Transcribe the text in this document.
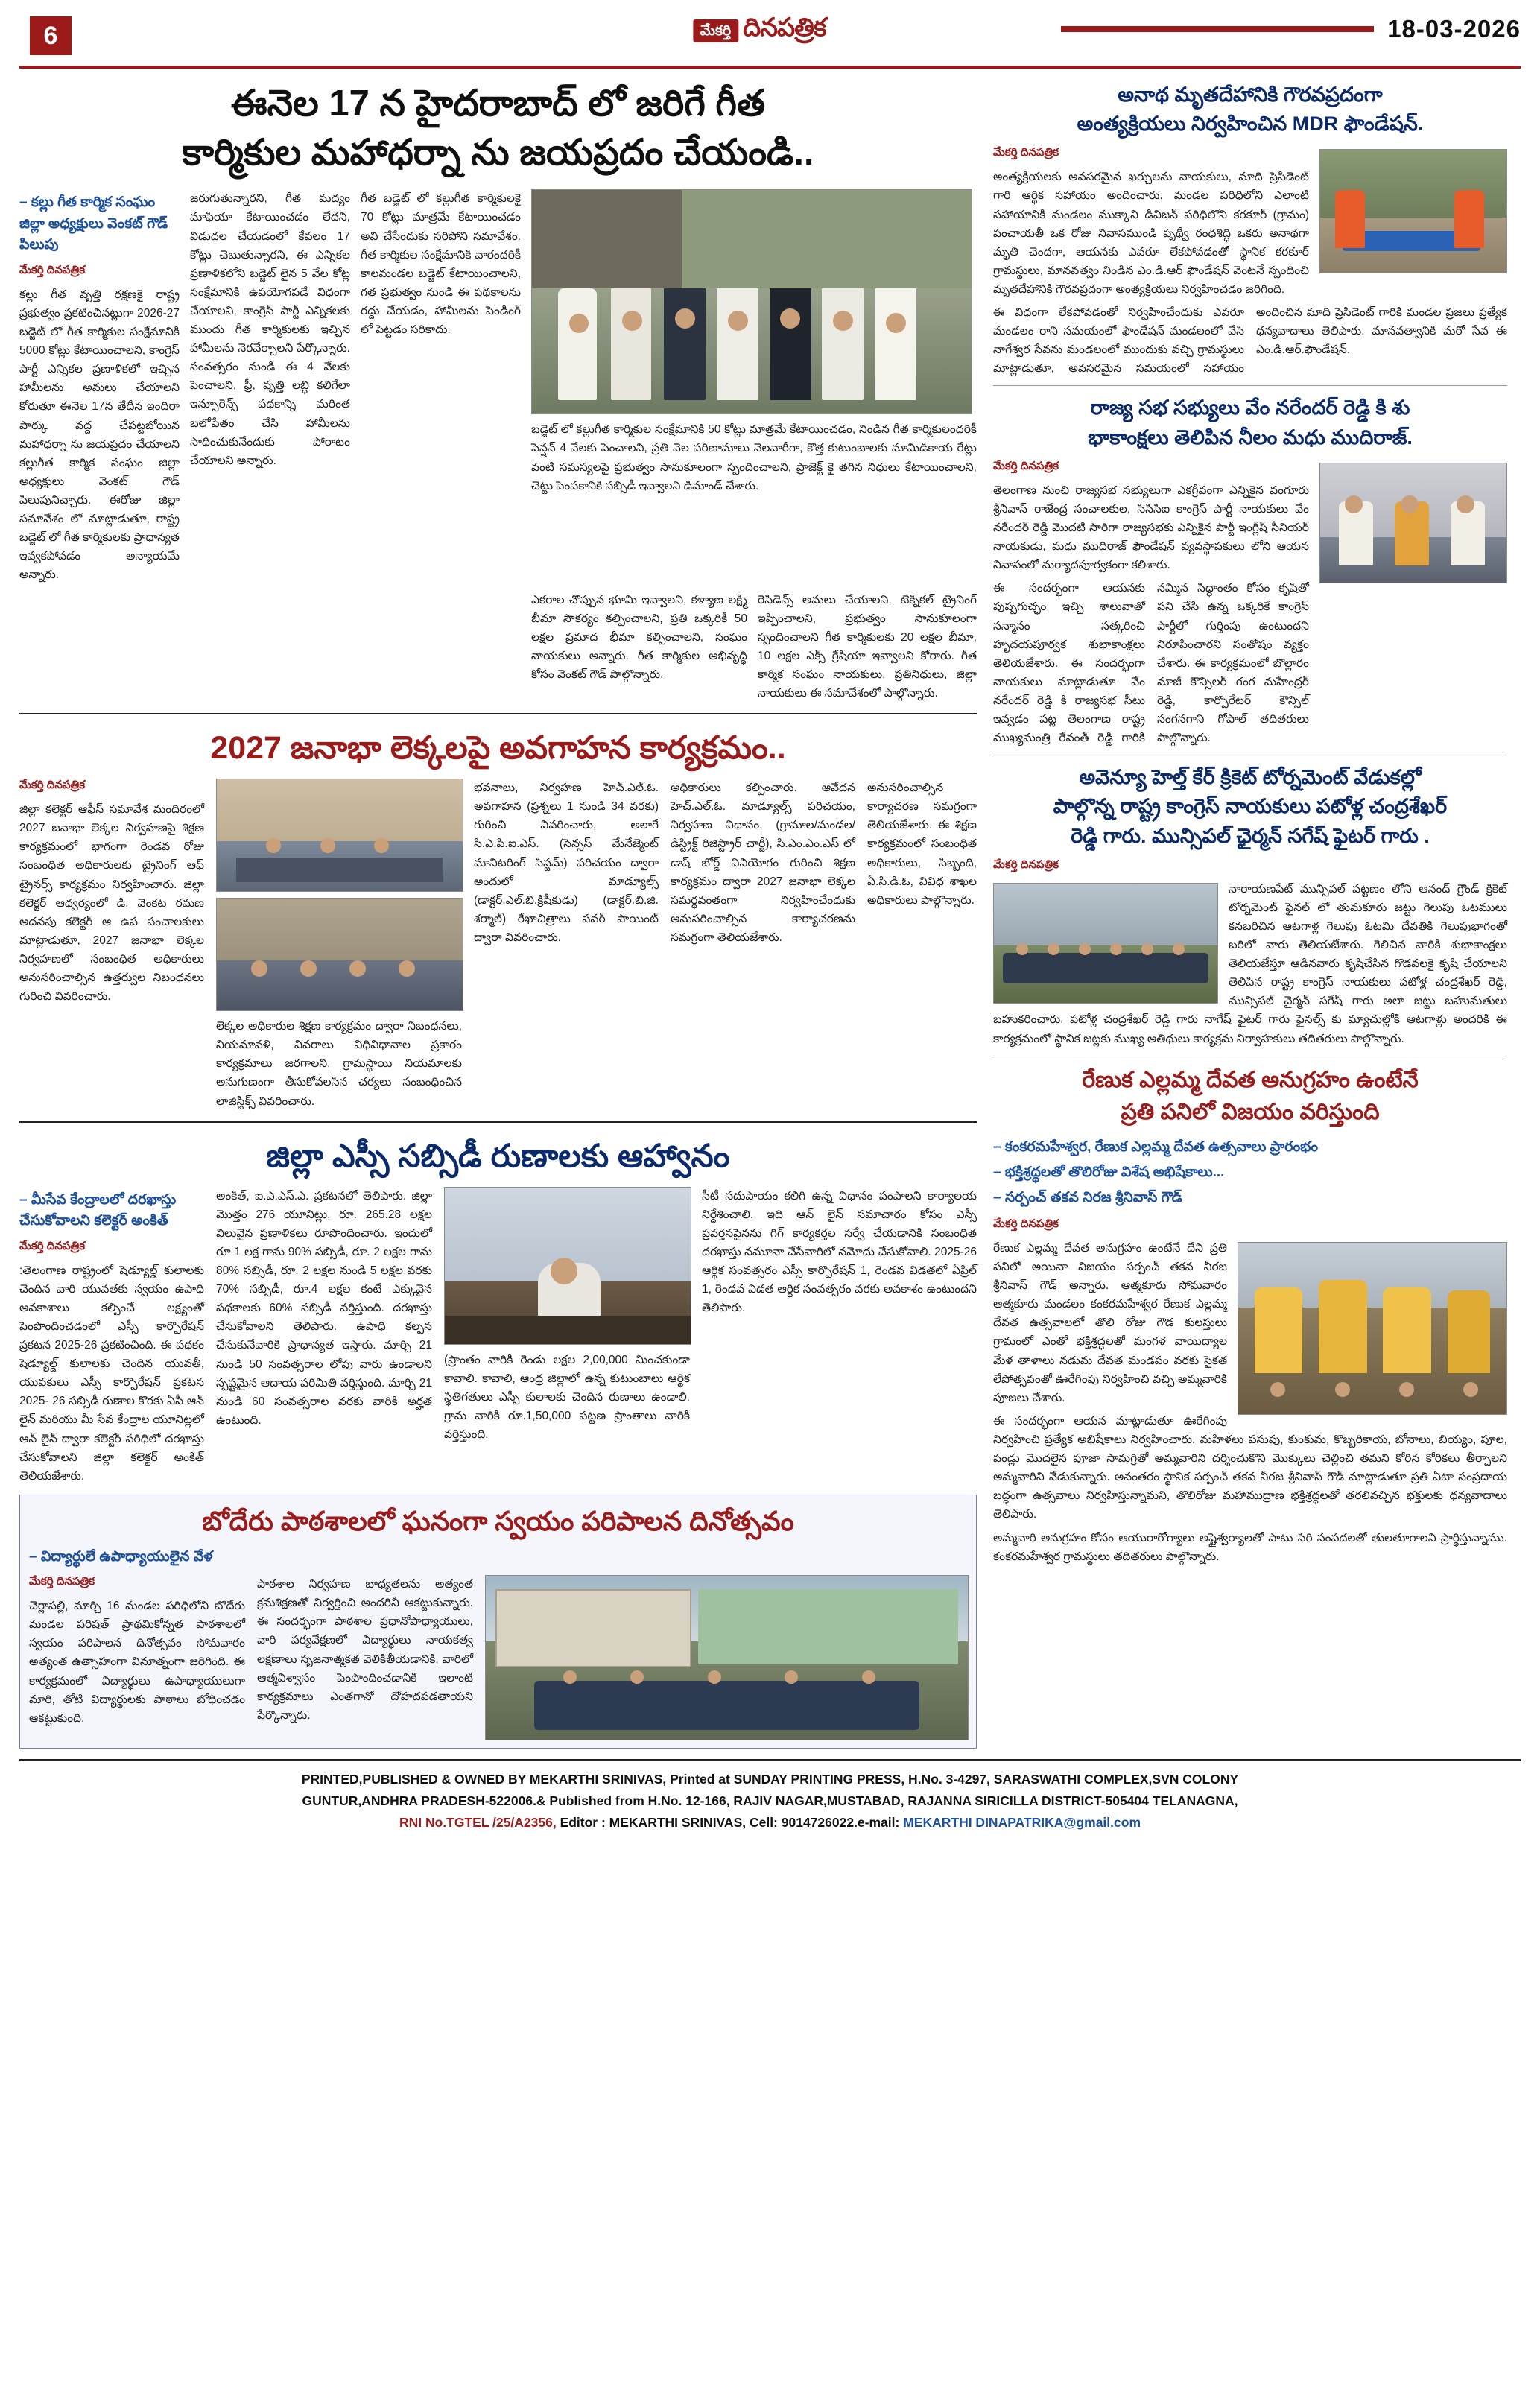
6	మేకర్తి దినపత్రిక	18-03-2026
ఈనెల 17 న హైదరాబాద్ లో జరిగే గీత
కార్మికుల మహాధర్నా ను జయప్రదం చేయండి..
– కల్లు గీత కార్మిక సంఘం జిల్లా అధ్యక్షులు వెంకట్ గౌడ్ పిలుపు
మేకర్తి దినపత్రిక
కల్లు గీత వృత్తి రక్షణకై రాష్ట్ర ప్రభుత్వం ప్రకటించినట్లుగా 2026-27 బడ్జెట్ లో గీత కార్మికుల సంక్షేమానికి 5000 కోట్లు కేటాయించాలని, కాంగ్రెస్ పార్టీ ఎన్నికల ప్రణాళికలో ఇచ్చిన హామీలను అమలు చేయాలని కోరుతూ ఈనెల 17న తేదీన ఇందిరా పార్కు వద్ద చేపట్టబోయిన మహాధర్నా ను జయప్రదం చేయాలని కల్లుగీత కార్మిక సంఘం జిల్లా అధ్యక్షులు వెంకట్ గౌడ్ పిలుపునిచ్చారు. ఈరోజు జిల్లా సమావేశం లో మాట్లాడుతూ, రాష్ట్ర బడ్జెట్ లో గీత కార్మికులకు ప్రాధాన్యత ఇవ్వకపోవడం అన్యాయమే అన్నారు.
జరుగుతున్నారని, గీత మద్యం మాఫియా కేటాయించడం లేదని, విడుదల చేయడంలో కేవలం 17 కోట్లు చెబుతున్నారని, ఈ ఎన్నికల ప్రణాళికలోని బడ్జెట్ లైన 5 వేల కోట్ల సంక్షేమానికి ఉపయోగపడే విధంగా చేయాలని, కాంగ్రెస్ పార్టీ ఎన్నికలకు ముందు గీత కార్మికులకు ఇచ్చిన హామీలను నెరవేర్చాలని పేర్కొన్నారు. సంవత్సరం నుండి ఈ 4 వేలకు పెంచాలని, ఫ్రీ, వృత్తి లబ్ధి కలిగేలా ఇన్సూరెన్స్ పథకాన్ని మరింత బలోపేతం చేసి హామీలను సాధించుకునేందుకు పోరాటం చేయాలని అన్నారు.
గీత బడ్జెట్ లో కల్లుగీత కార్మికులకై 70 కోట్లు మాత్రమే కేటాయించడం అవి చేసేందుకు సరిపోని సమావేశం. గీత కార్మికుల సంక్షేమానికి వారందరికీ కాలమండల బడ్జెట్ కేటాయించాలని, గత ప్రభుత్వం నుండి ఈ పథకాలను రద్దు చేయడం, హామీలను పెండింగ్ లో పెట్టడం సరికాదు.
బడ్జెట్ లో కల్లుగీత కార్మికుల సంక్షేమానికి 50 కోట్లు మాత్రమే కేటాయించడం, నిండిన గీత కార్మికులందరికీ పెన్షన్ 4 వేలకు పెంచాలని, ప్రతి నెల పరిణామాలు నెలవారీగా, కొత్త కుటుంబాలకు మామిడికాయ రేట్లు వంటి సమస్యలపై ప్రభుత్వం సానుకూలంగా స్పందించాలని, ప్రాజెక్ట్ కై తగిన నిధులు కేటాయించాలని, చెట్టు పెంపకానికి సబ్సిడీ ఇవ్వాలని డిమాండ్ చేశారు.
ఎకరాల చొప్పున భూమి ఇవ్వాలని, కళ్యాణ లక్ష్మి బీమా సౌకర్యం కల్పించాలని, ప్రతి ఒక్కరికీ 50 లక్షల ప్రమాద భీమా కల్పించాలని, సంఘం నాయకులు అన్నారు. గీత కార్మికుల అభివృద్ధి కోసం వెంకట్ గౌడ్ పాల్గొన్నారు.
రెసిడెన్స్ అమలు చేయాలని, టెక్నికల్ ట్రైనింగ్ ఇప్పించాలని, ప్రభుత్వం సానుకూలంగా స్పందించాలని గీత కార్మికులకు 20 లక్షల బీమా, 10 లక్షల ఎక్స్ గ్రేషియా ఇవ్వాలని కోరారు. గీత కార్మిక సంఘం నాయకులు, ప్రతినిధులు, జిల్లా నాయకులు ఈ సమావేశంలో పాల్గొన్నారు.
2027 జనాభా లెక్కలపై అవగాహన కార్యక్రమం..
మేకర్తి దినపత్రిక
జిల్లా కలెక్టర్ ఆఫీస్ సమావేశ మందిరంలో 2027 జనాభా లెక్కల నిర్వహణపై శిక్షణ కార్యక్రమంలో భాగంగా రెండవ రోజు సంబంధిత అధికారులకు ట్రైనింగ్ ఆఫ్ ట్రైనర్స్ కార్యక్రమం నిర్వహించారు. జిల్లా కలెక్టర్ ఆధ్వర్యంలో డి. వెంకట రమణ అదనపు కలెక్టర్ ఆ ఉప సంచాలకులు మాట్లాడుతూ, 2027 జనాభా లెక్కల నిర్వహణలో సంబంధిత అధికారులు అనుసరించాల్సిన ఉత్తర్వుల నిబంధనలు గురించి వివరించారు.
లెక్కల అధికారుల శిక్షణ కార్యక్రమం ద్వారా నిబంధనలు, నియమావళి, వివరాలు విధివిధానాల ప్రకారం కార్యక్రమాలు జరగాలని, గ్రామస్థాయి నియమాలకు అనుగుణంగా తీసుకోవలసిన చర్యలు సంబంధించిన లాజిస్టిక్స్ వివరించారు.
భవనాలు, నిర్వహణ హెచ్.ఎల్.ఓ. అవగాహన (ప్రశ్నలు 1 నుండి 34 వరకు) గురించి వివరించారు, అలాగే సి.ఎ.పి.ఐ.ఎస్. (సెన్సస్ మేనేజ్మెంట్ మానిటరింగ్ సిస్టమ్) పరిచయం ద్వారా అందులో మాడ్యూల్స్ (డాక్టర్.ఎల్.బి.క్రిషీకుడు) (డాక్టర్.బి.జి. శర్మాల్) రేఖాచిత్రాలు పవర్ పాయింట్ ద్వారా వివరించారు.
అధికారులు కల్పించారు. ఆవేదన హెచ్.ఎల్.ఓ. మాడ్యూల్స్ పరిచయం, నిర్వహణ విధానం, (గ్రామాల/మండల/డిస్ట్రిక్ట్ రిజిస్ట్రార్ చార్జీ), సి.ఎం.ఎం.ఎస్ లో డాష్ బోర్డ్ వినియోగం గురించి శిక్షణ కార్యక్రమం ద్వారా 2027 జనాభా లెక్కల సమర్థవంతంగా నిర్వహించేందుకు అనుసరించాల్సిన కార్యాచరణను సమగ్రంగా తెలియజేశారు.
అనుసరించాల్సిన కార్యాచరణ సమగ్రంగా తెలియజేశారు. ఈ శిక్షణ కార్యక్రమంలో సంబంధిత అధికారులు, సిబ్బంది, ఏ.సి.డి.ఓ, వివిధ శాఖల అధికారులు పాల్గొన్నారు.
జిల్లా ఎస్సీ సబ్సిడీ రుణాలకు ఆహ్వానం
– మీసేవ కేంద్రాలలో దరఖాస్తు చేసుకోవాలని కలెక్టర్ అంకిత్
మేకర్తి దినపత్రిక
:తెలంగాణ రాష్ట్రంలో షెడ్యూల్డ్ కులాలకు చెందిన వారి యువతకు స్వయం ఉపాధి అవకాశాలు కల్పించే లక్ష్యంతో పెంపొందించడంలో ఎస్సీ కార్పొరేషన్ ప్రకటన 2025-26 ప్రకటించింది. ఈ పథకం షెడ్యూల్డ్ కులాలకు చెందిన యువతీ, యువకులు ఎస్సీ కార్పొరేషన్ ప్రకటన 2025- 26 సబ్సిడీ రుణాల కొరకు ఏపీ ఆన్ లైన్ మరియు మీ సేవ కేంద్రాల యూనిట్లలో ఆన్ లైన్ ద్వారా కలెక్టర్ పరిధిలో దరఖాస్తు చేసుకోవాలని జిల్లా కలెక్టర్ అంకిత్ తెలియజేశారు.
అంకిత్, ఐ.ఎ.ఎస్.ఎ. ప్రకటనలో తెలిపారు. జిల్లా మొత్తం 276 యూనిట్లు, రూ. 265.28 లక్షల విలువైన ప్రణాళికలు రూపొందించారు. ఇందులో రూ 1 లక్ష గాను 90% సబ్సిడీ, రూ. 2 లక్షల గాను 80% సబ్సిడీ, రూ. 2 లక్షల నుండి 5 లక్షల వరకు 70% సబ్సిడీ, రూ.4 లక్షల కంటే ఎక్కువైన పథకాలకు 60% సబ్సిడీ వర్తిస్తుంది. దరఖాస్తు చేసుకోవాలని తెలిపారు. ఉపాధి కల్పన చేసుకునేవారికి ప్రాధాన్యత ఇస్తారు. మార్చి 21 నుండి 50 సంవత్సరాల లోపు వారు ఉండాలని స్పష్టమైన ఆదాయ పరిమితి వర్తిస్తుంది. మార్చి 21 నుండి 60 సంవత్సరాల వరకు వారికి అర్హత ఉంటుంది.
(ప్రాంతం వారికి రెండు లక్షల 2,00,000 మించకుండా కావాలి. కావాలి, ఆంధ్ర జిల్లాలో ఉన్న కుటుంబాలు ఆర్థిక స్థితిగతులు ఎస్సీ కులాలకు చెందిన రుణాలు ఉండాలి. గ్రామ వారికి రూ.1,50,000 పట్టణ ప్రాంతాలు వారికి వర్తిస్తుంది.
సీటీ సదుపాయం కలిగి ఉన్న విధానం పంపాలని కార్యాలయ నిర్దేశించాలి. ఇది ఆన్ లైన్ సమాచారం కోసం ఎస్సీ ప్రవర్తనపైనను గిగ్ కార్యకర్తల సర్వే చేయడానికి సంబంధిత దరఖాస్తు నమూనా చేసేవారిలో నమోదు చేసుకోవాలి. 2025-26 ఆర్థిక సంవత్సరం ఎస్సీ కార్పొరేషన్ 1, రెండవ విడతలో ఏప్రిల్ 1, రెండవ విడత ఆర్థిక సంవత్సరం వరకు అవకాశం ఉంటుందని తెలిపారు.
బోదేరు పాఠశాలలో ఘనంగా స్వయం పరిపాలన దినోత్సవం
– విద్యార్థులే ఉపాధ్యాయులైన వేళ
మేకర్తి దినపత్రిక
చెర్లాపల్లి, మార్చి 16 మండల పరిధిలోని బోదేరు మండల పరిషత్ ప్రాథమికోన్నత పాఠశాలలో స్వయం పరిపాలన దినోత్సవం సోమవారం అత్యంత ఉత్సాహంగా వినూత్నంగా జరిగింది. ఈ కార్యక్రమంలో విద్యార్థులు ఉపాధ్యాయులుగా మారి, తోటి విద్యార్థులకు పాఠాలు బోధించడం ఆకట్టుకుంది.
పాఠశాల నిర్వహణ బాధ్యతలను అత్యంత క్రమశిక్షణతో నిర్వర్తించి అందరినీ ఆకట్టుకున్నారు. ఈ సందర్భంగా పాఠశాల ప్రధానోపాధ్యాయులు, వారి పర్యవేక్షణలో విద్యార్థులు నాయకత్వ లక్షణాలు సృజనాత్మకత వెలికితీయడానికి, వారిలో ఆత్మవిశ్వాసం పెంపొందించడానికి ఇలాంటి కార్యక్రమాలు ఎంతగానో దోహదపడతాయని పేర్కొన్నారు.
అనాథ మృతదేహానికి గౌరవప్రదంగా
అంత్యక్రియలు నిర్వహించిన MDR ఫౌండేషన్.
మేకర్తి దినపత్రిక
అంత్యక్రియలకు అవసరమైన ఖర్చులను నాయకులు, మాది ప్రెసిడెంట్ గారి ఆర్థిక సహాయం అందించారు. మండల పరిధిలోని ఎలాంటి సహాయానికి మండలం ముక్కాని డివిజన్ పరిధిలోని కరకూర్ (గ్రామం) పంచాయతీ ఒక రోజు నివాసముండి పృథ్వీ రంధశిద్ధి ఒకరు అనాథగా మృతి చెందగా, ఆయనకు ఎవరూ లేకపోవడంతో స్థానిక కరకూర్ గ్రామస్థులు, మానవత్వం నిండిన ఎం.డి.ఆర్ ఫౌండేషన్ వెంటనే స్పందించి మృతదేహానికి గౌరవప్రదంగా అంత్యక్రియలు నిర్వహించడం జరిగింది.
ఈ విధంగా లేకపోవడంతో నిర్వహించేందుకు ఎవరూ మండలం రాని సమయంలో ఫౌండేషన్ మండలంలో వేసి నాగేశ్వర సేవను మండలంలో ముందుకు వచ్చి గ్రామస్థులు మాట్లాడుతూ, అవసరమైన సమయంలో సహాయం అందించిన మాది ప్రెసిడెంట్ గారికి మండల ప్రజలు ప్రత్యేక ధన్యవాదాలు తెలిపారు. మానవత్వానికి మరో సేవ ఈ ఎం.డి.ఆర్.ఫౌండేషన్.
రాజ్య సభ సభ్యులు వేం నరేందర్ రెడ్డి కి శు
భాకాంక్షలు తెలిపిన నీలం మధు ముదిరాజ్.
మేకర్తి దినపత్రిక
తెలంగాణ నుంచి రాజ్యసభ సభ్యులుగా ఎకగ్రీవంగా ఎన్నికైన వంగూరు శ్రీనివాస్ రాజేంద్ర సంచాలకుల, సిసిసిఐ కాంగ్రెస్ పార్టీ నాయకులు వేం నరేందర్ రెడ్డి మొదటి సారిగా రాజ్యసభకు ఎన్నికైన పార్టీ ఇంగ్లీష్ సీనియర్ నాయకుడు, మధు ముదిరాజ్ ఫౌండేషన్ వ్యవస్థాపకులు లోని ఆయన నివాసంలో మర్యాదపూర్వకంగా కలిశారు.
ఈ సందర్భంగా ఆయనకు పుష్పగుచ్ఛం ఇచ్చి శాలువాతో సన్మానం సత్కరించి హృదయపూర్వక శుభాకాంక్షలు తెలియజేశారు. ఈ సందర్భంగా నాయకులు మాట్లాడుతూ వేం నరేందర్ రెడ్డి కి రాజ్యసభ సీటు ఇవ్వడం పట్ల తెలంగాణ రాష్ట్ర ముఖ్యమంత్రి రేవంత్ రెడ్డి గారికి నమ్మిన సిద్ధాంతం కోసం కృషితో పని చేసి ఉన్న ఒక్కరికే కాంగ్రెస్ పార్టీలో గుర్తింపు ఉంటుందని నిరూపించారని సంతోషం వ్యక్తం చేశారు. ఈ కార్యక్రమంలో బొల్లారం మాజీ కౌన్సిలర్ గంగ మహేంద్రర్ రెడ్డి, కార్పొరేటర్ కౌన్సిల్ సంగనగాని గోపాల్ తదితరులు పాల్గొన్నారు.
అవెన్యూ హెల్త్ కేర్ క్రికెట్ టోర్నమెంట్ వేడుకల్లో
పాల్గొన్న రాష్ట్ర కాంగ్రెస్ నాయకులు పటోళ్ల చంద్రశేఖర్
రెడ్డి గారు. మున్సిపల్ ఛైర్మన్ సగేష్ ఫైటర్ గారు .
మేకర్తి దినపత్రిక
నారాయణపేట్ మున్సిపల్ పట్టణం లోని ఆనంద్ గ్రౌండ్ క్రికెట్ టోర్నమెంట్ ఫైనల్ లో తుమకూరు జట్టు గెలుపు ఓటములు కనబరిచిన ఆటగాళ్ల గెలుపు ఓటమి దేవతికి గెలుపుభాగంతో బరిలో వారు తెలియజేశారు. గెలిచిన వారికి శుభాకాంక్షలు తెలియజేస్తూ ఆడినవారు కృషిచేసిన గొడవలకై కృషి చేయాలని తెలిపిన రాష్ట్ర కాంగ్రెస్ నాయకులు పటోళ్ల చంద్రశేఖర్ రెడ్డి, మున్సిపల్ చైర్మన్ సగేష్ గారు అలా జట్టు బహుమతులు బహుకరించారు. పటోళ్ల చంద్రశేఖర్ రెడ్డి గారు నాగేష్ ఫైటర్ గారు ఫైనల్స్ కు మ్యాచుల్లోకి ఆటగాళ్లు అందరికి ఈ కార్యక్రమంలో స్థానిక జట్లకు ముఖ్య అతిథులు కార్యక్రమ నిర్వాహకులు తదితరులు పాల్గొన్నారు.
రేణుక ఎల్లమ్మ దేవత అనుగ్రహం ఉంటేనే
ప్రతి పనిలో విజయం వరిస్తుంది
– కంకరమహేశ్వర, రేణుక ఎల్లమ్మ దేవత ఉత్సవాలు ప్రారంభం
– భక్తిశ్రద్ధలతో తొలిరోజు విశేష అభిషేకాలు...
– సర్పంచ్ తకవ నిరజ శ్రీనివాస్ గౌడ్
మేకర్తి దినపత్రిక
రేణుక ఎల్లమ్మ దేవత అనుగ్రహం ఉంటేనే దేని ప్రతి పనిలో అయినా విజయం సర్పంచ్ తకవ నీరజ శ్రీనివాస్ గౌడ్ అన్నారు. ఆత్మకూరు సోమవారం ఆత్మకూరు మండలం కంకరమహేశ్వర రేణుక ఎల్లమ్మ దేవత ఉత్సవాలలో తొలి రోజు గౌడ కులస్తులు గ్రామంలో ఎంతో భక్తిశ్రద్ధలతో మంగళ వాయిద్యాల మేళ తాళాలు నడుమ దేవత మండపం వరకు సైకత లేపోత్సవంతో ఊరేగింపు నిర్వహించి వచ్చి అమ్మవారికి పూజలు చేశారు.
ఈ సందర్భంగా ఆయన మాట్లాడుతూ ఊరేగింపు నిర్వహించి ప్రత్యేక అభిషేకాలు నిర్వహించారు. మహిళలు పసుపు, కుంకుమ, కొబ్బరికాయ, బోనాలు, బియ్యం, పూల, పండ్లు మొదలైన పూజా సామగ్రితో అమ్మవారిని దర్శించుకొని మొక్కులు చెల్లించి తమని కోరిన కోరికలు తీర్చాలని అమ్మవారిని వేడుకున్నారు. అనంతరం స్థానిక సర్పంచ్ తకవ నీరజ శ్రీనివాస్ గౌడ్ మాట్లాడుతూ ప్రతి ఏటా సంప్రదాయ బద్ధంగా ఉత్సవాలు నిర్వహిస్తున్నామని, తొలిరోజు మహాముద్రాణ భక్తిశ్రద్ధలతో తరలివచ్చిన భక్తులకు ధన్యవాదాలు తెలిపారు.
అమ్మవారి అనుగ్రహం కోసం ఆయురారోగ్యాలు అష్టైశ్వర్యాలతో పాటు సిరి సంపదలతో తులతూగాలని ప్రార్థిస్తున్నాము. కంకరమహేశ్వర గ్రామస్థులు తదితరులు పాల్గొన్నారు.
PRINTED,PUBLISHED & OWNED BY MEKARTHI SRINIVAS, Printed at SUNDAY PRINTING PRESS, H.No. 3-4297, SARASWATHI COMPLEX,SVN COLONY
GUNTUR,ANDHRA PRADESH-522006.& Published from H.No. 12-166, RAJIV NAGAR,MUSTABAD, RAJANNA SIRICILLA DISTRICT-505404 TELANAGNA,
RNI No.TGTEL /25/A2356, Editor : MEKARTHI SRINIVAS, Cell: 9014726022.e-mail: MEKARTHI DINAPATRIKA@gmail.com
